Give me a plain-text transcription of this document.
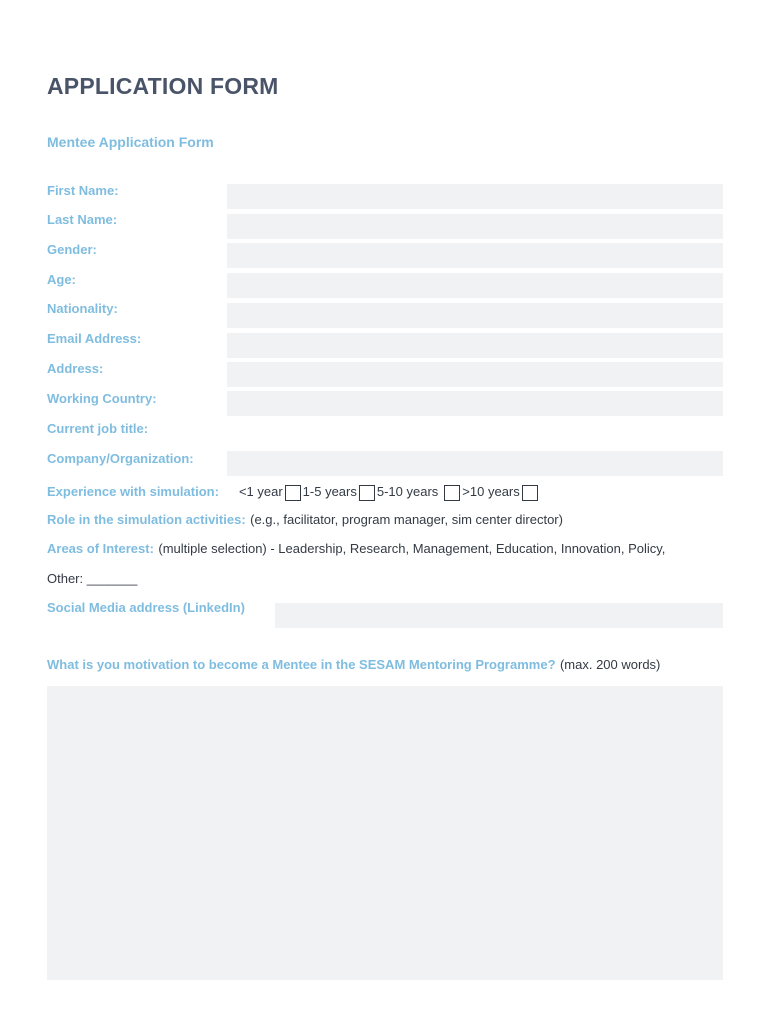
APPLICATION FORM
Mentee Application Form
First Name:
Last Name:
Gender:
Age:
Nationality:
Email Address:
Address:
Working Country:
Current job title:
Company/Organization:
Experience with simulation: <1 year 1-5 years 5-10 years >10 years
Role in the simulation activities: (e.g., facilitator, program manager, sim center director)
Areas of Interest: (multiple selection) - Leadership, Research, Management, Education, Innovation, Policy,
Other: _______
Social Media address (LinkedIn)
What is you motivation to become a Mentee in the SESAM Mentoring Programme? (max. 200 words)
